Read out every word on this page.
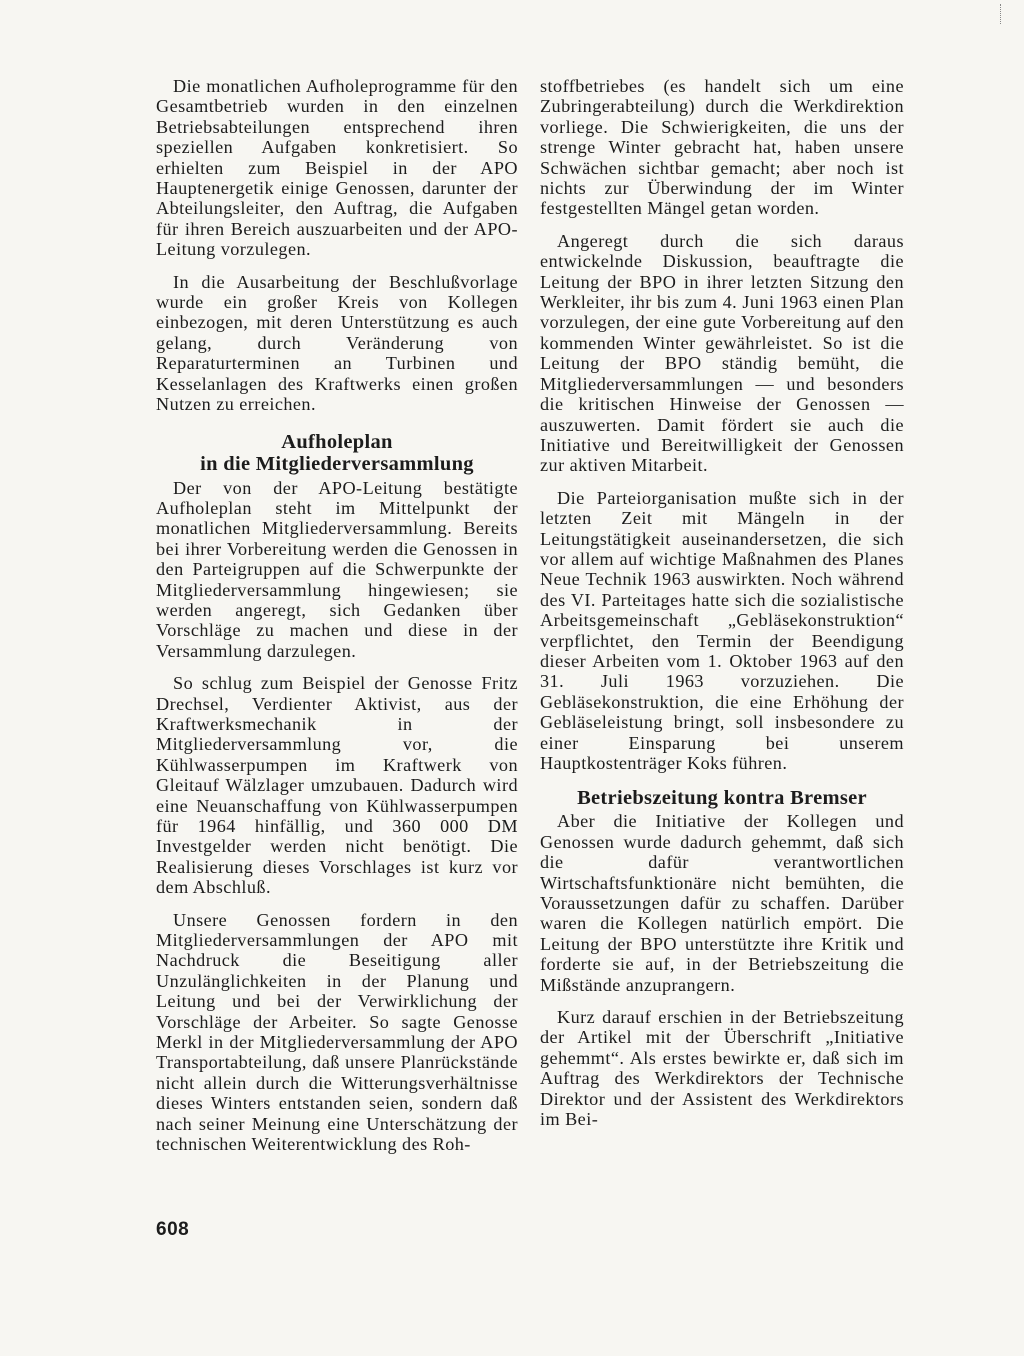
Die monatlichen Aufholeprogramme für den Gesamtbetrieb wurden in den einzelnen Betriebsabteilungen entsprechend ihren speziellen Aufgaben konkretisiert. So erhielten zum Beispiel in der APO Hauptenergetik einige Genossen, darunter der Abteilungsleiter, den Auftrag, die Aufgaben für ihren Bereich auszuarbeiten und der APO-Leitung vorzulegen.

In die Ausarbeitung der Beschlußvorlage wurde ein großer Kreis von Kollegen einbezogen, mit deren Unterstützung es auch gelang, durch Veränderung von Reparaturterminen an Turbinen und Kesselanlagen des Kraftwerks einen großen Nutzen zu erreichen.

Aufholeplan
in die Mitgliederversammlung

Der von der APO-Leitung bestätigte Aufholeplan steht im Mittelpunkt der monatlichen Mitgliederversammlung. Bereits bei ihrer Vorbereitung werden die Genossen in den Parteigruppen auf die Schwerpunkte der Mitgliederversammlung hingewiesen; sie werden angeregt, sich Gedanken über Vorschläge zu machen und diese in der Versammlung darzulegen.

So schlug zum Beispiel der Genosse Fritz Drechsel, Verdienter Aktivist, aus der Kraftwerksmechanik in der Mitgliederversammlung vor, die Kühlwasserpumpen im Kraftwerk von Gleitauf Wälzlager umzubauen. Dadurch wird eine Neuanschaffung von Kühlwasserpumpen für 1964 hinfällig, und 360 000 DM Investgelder werden nicht benötigt. Die Realisierung dieses Vorschlages ist kurz vor dem Abschluß.

Unsere Genossen fordern in den Mitgliederversammlungen der APO mit Nachdruck die Beseitigung aller Unzulänglichkeiten in der Planung und Leitung und bei der Verwirklichung der Vorschläge der Arbeiter. So sagte Genosse Merkl in der Mitgliederversammlung der APO Transportabteilung, daß unsere Planrückstände nicht allein durch die Witterungsverhältnisse dieses Winters entstanden seien, sondern daß nach seiner Meinung eine Unterschätzung der technischen Weiterentwicklung des Roh-

stoffbetriebes (es handelt sich um eine Zubringerabteilung) durch die Werkdirektion vorliege. Die Schwierigkeiten, die uns der strenge Winter gebracht hat, haben unsere Schwächen sichtbar gemacht; aber noch ist nichts zur Überwindung der im Winter festgestellten Mängel getan worden.

Angeregt durch die sich daraus entwickelnde Diskussion, beauftragte die Leitung der BPO in ihrer letzten Sitzung den Werkleiter, ihr bis zum 4. Juni 1963 einen Plan vorzulegen, der eine gute Vorbereitung auf den kommenden Winter gewährleistet. So ist die Leitung der BPO ständig bemüht, die Mitgliederversammlungen — und besonders die kritischen Hinweise der Genossen — auszuwerten. Damit fördert sie auch die Initiative und Bereitwilligkeit der Genossen zur aktiven Mitarbeit.

Die Parteiorganisation mußte sich in der letzten Zeit mit Mängeln in der Leitungstätigkeit auseinandersetzen, die sich vor allem auf wichtige Maßnahmen des Planes Neue Technik 1963 auswirkten. Noch während des VI. Parteitages hatte sich die sozialistische Arbeitsgemeinschaft „Gebläsekonstruktion“ verpflichtet, den Termin der Beendigung dieser Arbeiten vom 1. Oktober 1963 auf den 31. Juli 1963 vorzuziehen. Die Gebläsekonstruktion, die eine Erhöhung der Gebläseleistung bringt, soll insbesondere zu einer Einsparung bei unserem Hauptkostenträger Koks führen.

Betriebszeitung kontra Bremser

Aber die Initiative der Kollegen und Genossen wurde dadurch gehemmt, daß sich die dafür verantwortlichen Wirtschaftsfunktionäre nicht bemühten, die Voraussetzungen dafür zu schaffen. Darüber waren die Kollegen natürlich empört. Die Leitung der BPO unterstützte ihre Kritik und forderte sie auf, in der Betriebszeitung die Mißstände anzuprangern.

Kurz darauf erschien in der Betriebszeitung der Artikel mit der Überschrift „Initiative gehemmt“. Als erstes bewirkte er, daß sich im Auftrag des Werkdirektors der Technische Direktor und der Assistent des Werkdirektors im Bei-

608
